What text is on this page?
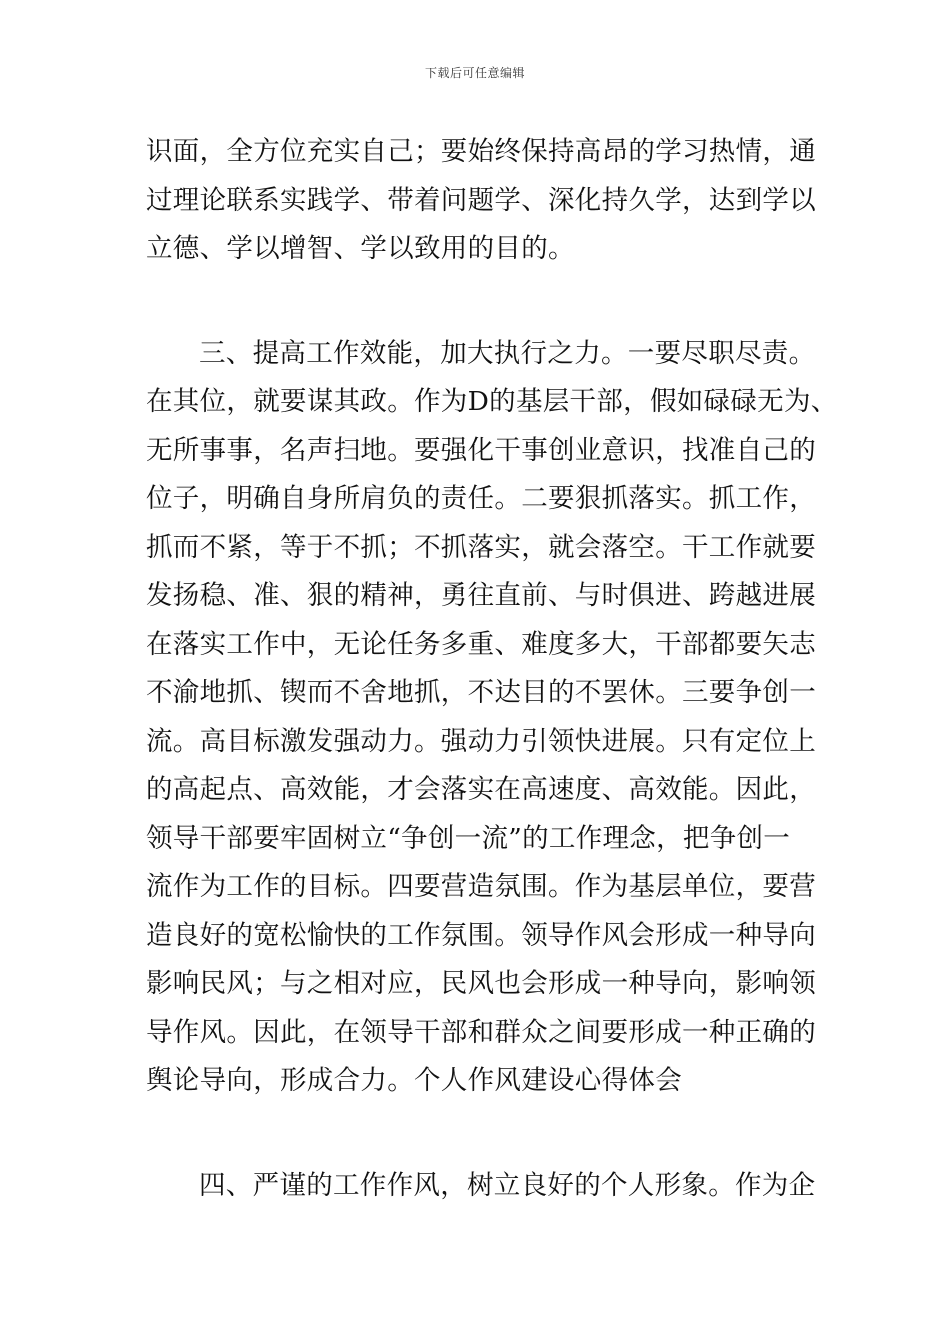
下载后可任意编辑
识面，全方位充实自己；要始终保持高昂的学习热情，通
过理论联系实践学、带着问题学、深化持久学，达到学以
立德、学以增智、学以致用的目的。
三、提高工作效能，加大执行之力。一要尽职尽责。
在其位，就要谋其政。作为D的基层干部，假如碌碌无为、
无所事事，名声扫地。要强化干事创业意识，找准自己的
位子，明确自身所肩负的责任。二要狠抓落实。抓工作，
抓而不紧，等于不抓；不抓落实，就会落空。干工作就要
发扬稳、准、狠的精神，勇往直前、与时俱进、跨越进展
在落实工作中，无论任务多重、难度多大，干部都要矢志
不渝地抓、锲而不舍地抓，不达目的不罢休。三要争创一
流。高目标激发强动力。强动力引领快进展。只有定位上
的高起点、高效能，才会落实在高速度、高效能。因此，
领导干部要牢固树立“争创一流”的工作理念，把争创一
流作为工作的目标。四要营造氛围。作为基层单位，要营
造良好的宽松愉快的工作氛围。领导作风会形成一种导向
影响民风；与之相对应，民风也会形成一种导向，影响领
导作风。因此，在领导干部和群众之间要形成一种正确的
舆论导向，形成合力。个人作风建设心得体会
四、严谨的工作作风，树立良好的个人形象。作为企
